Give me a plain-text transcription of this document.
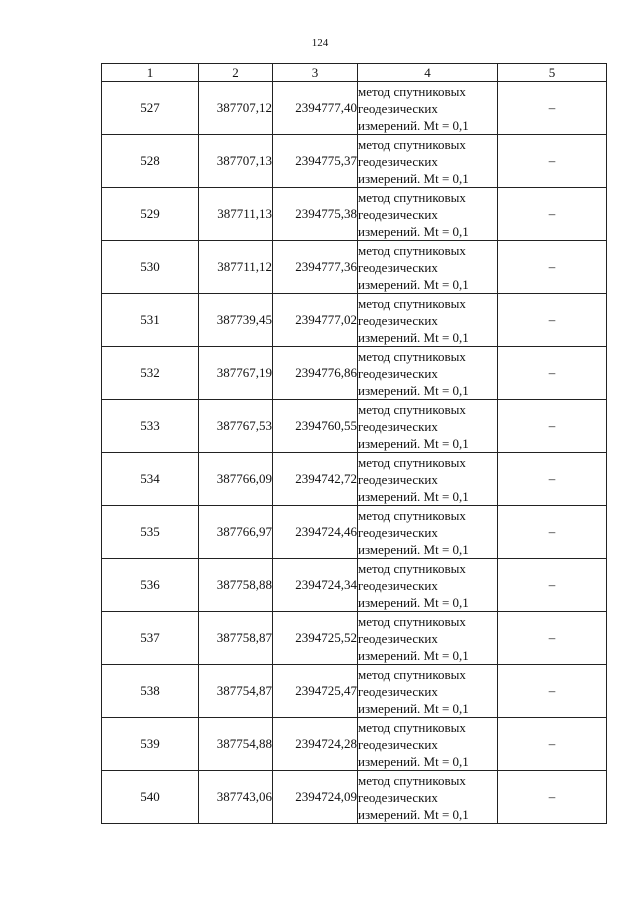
124
1	2	3	4	5
527	387707,12	2394777,40	метод спутниковых
геодезических
измерений. Mt = 0,1	–
528	387707,13	2394775,37	метод спутниковых
геодезических
измерений. Mt = 0,1	–
529	387711,13	2394775,38	метод спутниковых
геодезических
измерений. Mt = 0,1	–
530	387711,12	2394777,36	метод спутниковых
геодезических
измерений. Mt = 0,1	–
531	387739,45	2394777,02	метод спутниковых
геодезических
измерений. Mt = 0,1	–
532	387767,19	2394776,86	метод спутниковых
геодезических
измерений. Mt = 0,1	–
533	387767,53	2394760,55	метод спутниковых
геодезических
измерений. Mt = 0,1	–
534	387766,09	2394742,72	метод спутниковых
геодезических
измерений. Mt = 0,1	–
535	387766,97	2394724,46	метод спутниковых
геодезических
измерений. Mt = 0,1	–
536	387758,88	2394724,34	метод спутниковых
геодезических
измерений. Mt = 0,1	–
537	387758,87	2394725,52	метод спутниковых
геодезических
измерений. Mt = 0,1	–
538	387754,87	2394725,47	метод спутниковых
геодезических
измерений. Mt = 0,1	–
539	387754,88	2394724,28	метод спутниковых
геодезических
измерений. Mt = 0,1	–
540	387743,06	2394724,09	метод спутниковых
геодезических
измерений. Mt = 0,1	–
